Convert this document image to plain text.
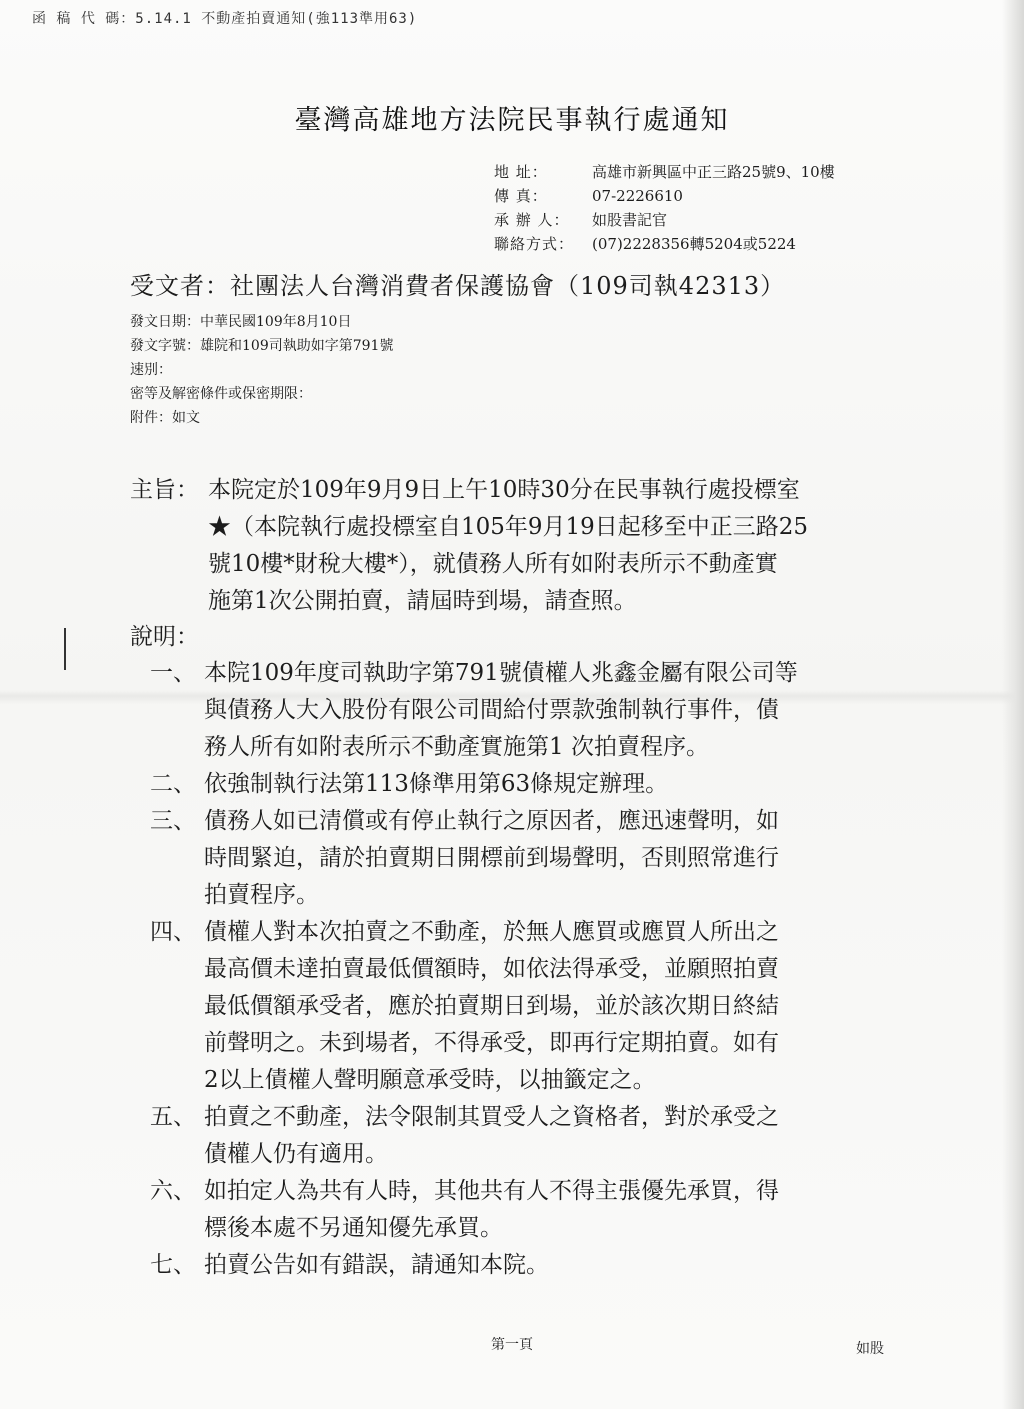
函 稿 代 碼：5.14.1 不動產拍賣通知(強113準用63)
臺灣高雄地方法院民事執行處通知
地 址：	高雄市新興區中正三路25號9、10樓
傳 真：	07-2226610
承 辦 人：	如股書記官
聯絡方式：	(07)2228356轉5204或5224
受文者：社團法人台灣消費者保護協會（109司執42313）
發文日期：中華民國109年8月10日
發文字號：雄院和109司執助如字第791號
速別：
密等及解密條件或保密期限：
附件：如文
主旨： 本院定於109年9月9日上午10時30分在民事執行處投標室

★（本院執行處投標室自105年9月19日起移至中正三路25

號10樓*財稅大樓*），就債務人所有如附表所示不動產實

施第1次公開拍賣，請屆時到場，請查照。

說明：
一、 本院109年度司執助字第791號債權人兆鑫金屬有限公司等

與債務人大入股份有限公司間給付票款強制執行事件，債

務人所有如附表所示不動產實施第1 次拍賣程序。

二、 依強制執行法第113條準用第63條規定辦理。

三、 債務人如已清償或有停止執行之原因者，應迅速聲明，如

時間緊迫，請於拍賣期日開標前到場聲明，否則照常進行

拍賣程序。

四、 債權人對本次拍賣之不動產，於無人應買或應買人所出之

最高價未達拍賣最低價額時，如依法得承受，並願照拍賣

最低價額承受者，應於拍賣期日到場，並於該次期日終結

前聲明之。未到場者，不得承受，即再行定期拍賣。如有

2以上債權人聲明願意承受時，以抽籤定之。

五、 拍賣之不動產，法令限制其買受人之資格者，對於承受之

債權人仍有適用。

六、 如拍定人為共有人時，其他共有人不得主張優先承買，得

標後本處不另通知優先承買。

七、 拍賣公告如有錯誤，請通知本院。

第一頁	如股
